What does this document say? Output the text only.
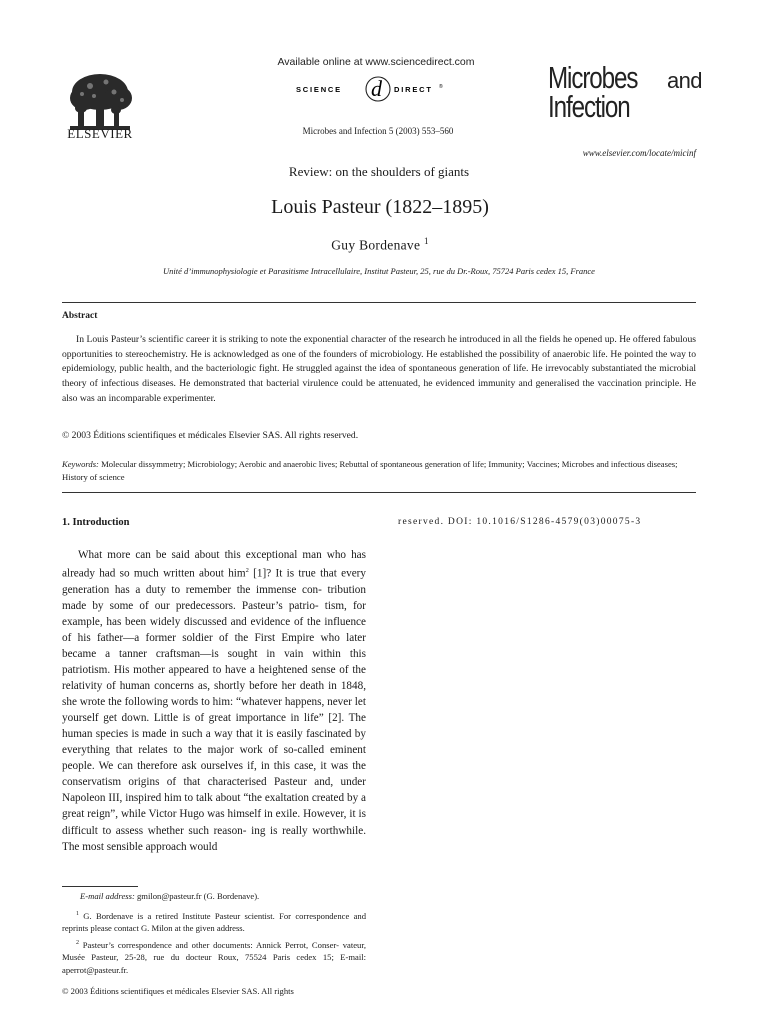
ELSEVIER
Available online at www.sciencedirect.com
SCIENCE d DIRECT ®
Microbes and Infection 5 (2003) 553–560
Microbes and
Infection
www.elsevier.com/locate/micinf
Review: on the shoulders of giants
Louis Pasteur (1822–1895)
Guy Bordenave $^1$
Unité d’immunophysiologie et Parasitisme Intracellulaire, Institut Pasteur, 25, rue du Dr.-Roux, 75724 Paris cedex 15, France
Abstract
In Louis Pasteur’s scientific career it is striking to note the exponential character of the research he introduced in all the fields he opened up. He offered fabulous opportunities to stereochemistry. He is acknowledged as one of the founders of microbiology. He established the possibility of anaerobic life. He pointed the way to epidemiology, public health, and the bacteriologic fight. He struggled against the idea of spontaneous generation of life. He irrevocably substantiated the microbial theory of infectious diseases. He demonstrated that bacterial virulence could be attenuated, he evidenced immunity and generalised the vaccination principle. He also was an incomparable experimenter.
© 2003 Éditions scientifiques et médicales Elsevier SAS. All rights reserved.
Keywords: Molecular dissymmetry; Microbiology; Aerobic and anaerobic lives; Rebuttal of spontaneous generation of life; Immunity; Vaccines; Microbes and infectious diseases; History of science
1. Introduction	reserved. DOI: 10.1016/S1286-4579(03)00075-3
What more can be said about this exceptional man who has already had so much written about him$^2$ [1]? It is true that every generation has a duty to remember the immense con- tribution made by some of our predecessors. Pasteur’s patrio- tism, for example, has been widely discussed and evidence of the influence of his father—a former soldier of the First Empire who later became a tanner craftsman—is sought in vain within this patriotism. His mother appeared to have a heightened sense of the relativity of human concerns as, shortly before her death in 1848, she wrote the following words to him: “whatever happens, never let yourself get down. Little is of great importance in life” [2]. The human species is made in such a way that it is easily fascinated by everything that relates to the major work of so-called eminent people. We can therefore ask ourselves if, in this case, it was the conservatism origins of that characterised Pasteur and, under Napoleon III, inspired him to talk about “the exaltation created by a great reign”, while Victor Hugo was himself in exile. However, it is difficult to assess whether such reason- ing is really worthwhile. The most sensible approach would
E-mail address: gmilon@pasteur.fr (G. Bordenave).
$^1$ G. Bordenave is a retired Institute Pasteur scientist. For correspondence and reprints please contact G. Milon at the given address.
$^2$ Pasteur’s correspondence and other documents: Annick Perrot, Conser- vateur, Musée Pasteur, 25-28, rue du docteur Roux, 75524 Paris cedex 15; E-mail: aperrot@pasteur.fr.
© 2003 Éditions scientifiques et médicales Elsevier SAS. All rights
